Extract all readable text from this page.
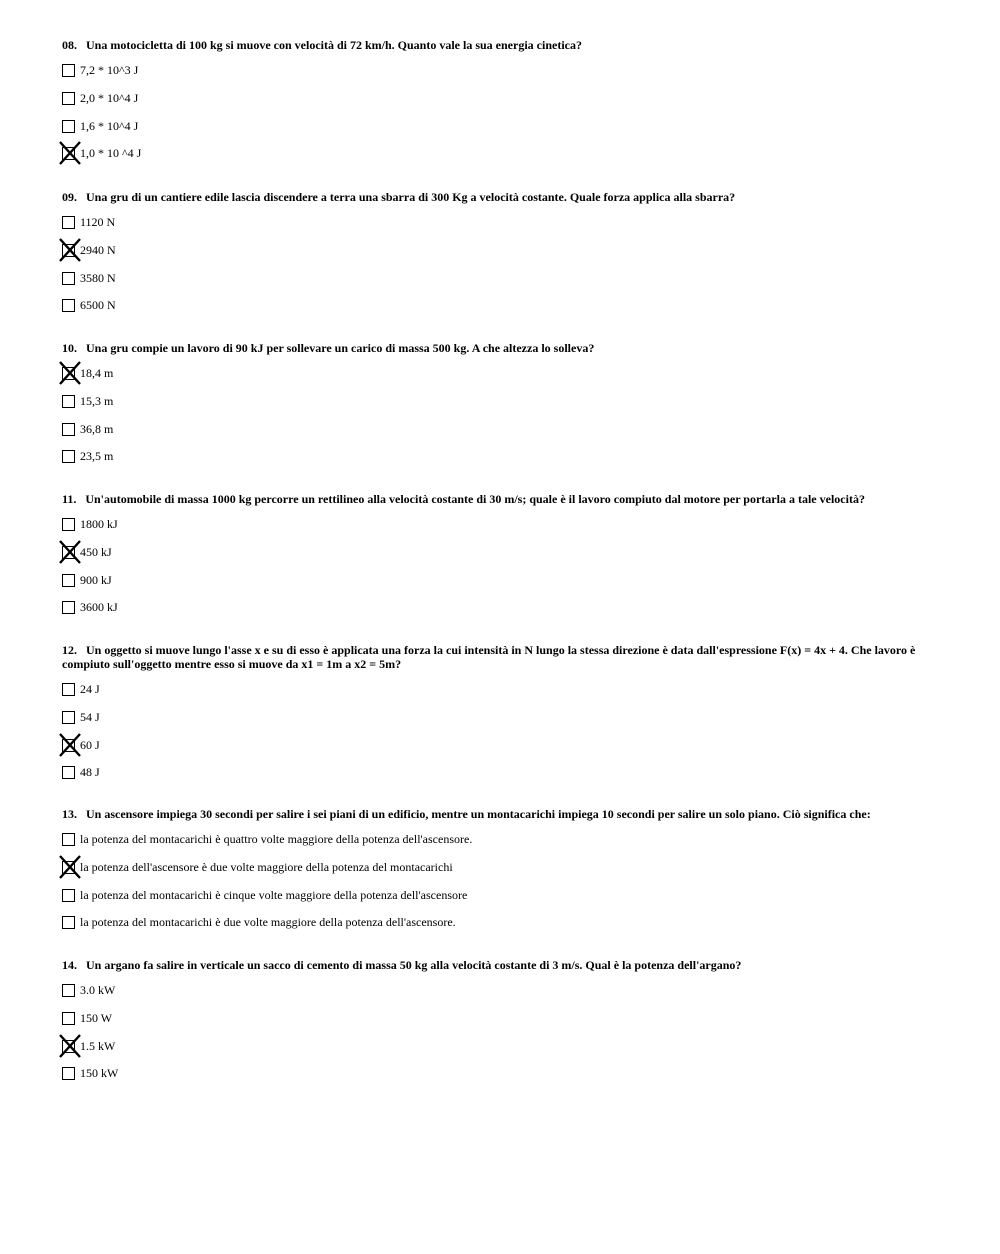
08. Una motocicletta di 100 kg si muove con velocità di 72 km/h. Quanto vale la sua energia cinetica?

7,2 * 10^3 J
2,0 * 10^4 J
1,6 * 10^4 J
1,0 * 10 ^4 J

09. Una gru di un cantiere edile lascia discendere a terra una sbarra di 300 Kg a velocità costante. Quale forza applica alla sbarra?

1120 N
2940 N
3580 N
6500 N

10. Una gru compie un lavoro di 90 kJ per sollevare un carico di massa 500 kg. A che altezza lo solleva?

18,4 m
15,3 m
36,8 m
23,5 m

11. Un'automobile di massa 1000 kg percorre un rettilineo alla velocità costante di 30 m/s; quale è il lavoro compiuto dal motore per portarla a tale velocità?

1800 kJ
450 kJ
900 kJ
3600 kJ

12. Un oggetto si muove lungo l'asse x e su di esso è applicata una forza la cui intensità in N lungo la stessa direzione è data dall'espressione F(x) = 4x + 4. Che lavoro è compiuto sull'oggetto mentre esso si muove da x1 = 1m a x2 = 5m?

24 J
54 J
60 J
48 J

13. Un ascensore impiega 30 secondi per salire i sei piani di un edificio, mentre un montacarichi impiega 10 secondi per salire un solo piano. Ciò significa che:

la potenza del montacarichi è quattro volte maggiore della potenza dell'ascensore.
la potenza dell'ascensore è due volte maggiore della potenza del montacarichi
la potenza del montacarichi è cinque volte maggiore della potenza dell'ascensore
la potenza del montacarichi è due volte maggiore della potenza dell'ascensore.

14. Un argano fa salire in verticale un sacco di cemento di massa 50 kg alla velocità costante di 3 m/s. Qual è la potenza dell'argano?

3.0 kW
150 W
1.5 kW
150 kW
